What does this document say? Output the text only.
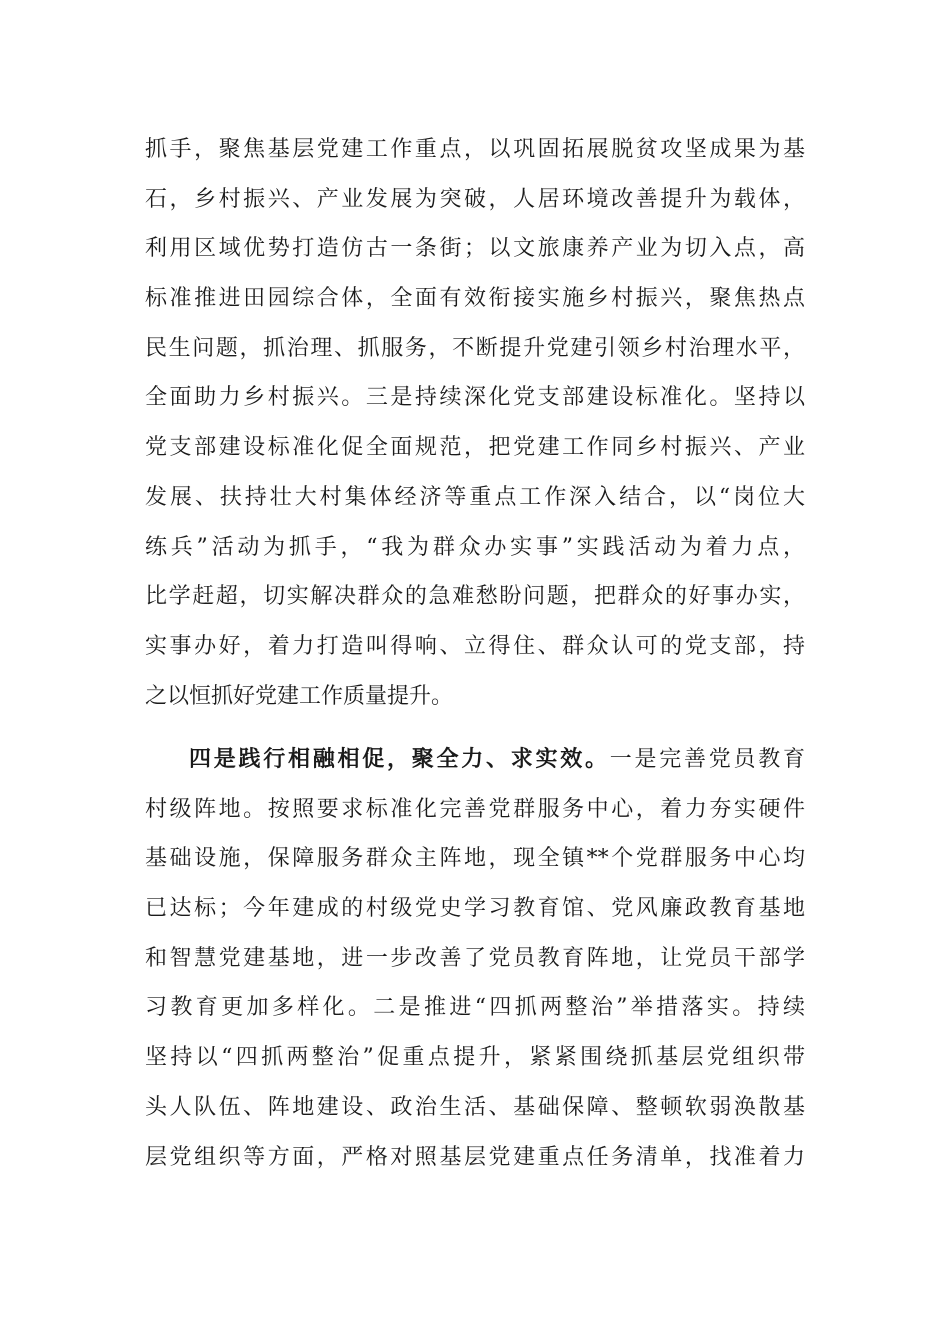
抓手，聚焦基层党建工作重点，以巩固拓展脱贫攻坚成果为基
石，乡村振兴、产业发展为突破，人居环境改善提升为载体，
利用区域优势打造仿古一条街；以文旅康养产业为切入点，高
标准推进田园综合体，全面有效衔接实施乡村振兴，聚焦热点
民生问题，抓治理、抓服务，不断提升党建引领乡村治理水平，
全面助力乡村振兴。三是持续深化党支部建设标准化。坚持以
党支部建设标准化促全面规范，把党建工作同乡村振兴、产业
发展、扶持壮大村集体经济等重点工作深入结合，以“岗位大
练兵”活动为抓手，“我为群众办实事”实践活动为着力点，
比学赶超，切实解决群众的急难愁盼问题，把群众的好事办实，
实事办好，着力打造叫得响、立得住、群众认可的党支部，持
之以恒抓好党建工作质量提升。
四是践行相融相促，聚全力、求实效。一是完善党员教育
村级阵地。按照要求标准化完善党群服务中心，着力夯实硬件
基础设施，保障服务群众主阵地，现全镇**个党群服务中心均
已达标；今年建成的村级党史学习教育馆、党风廉政教育基地
和智慧党建基地，进一步改善了党员教育阵地，让党员干部学
习教育更加多样化。二是推进“四抓两整治”举措落实。持续
坚持以“四抓两整治”促重点提升，紧紧围绕抓基层党组织带
头人队伍、阵地建设、政治生活、基础保障、整顿软弱涣散基
层党组织等方面，严格对照基层党建重点任务清单，找准着力
